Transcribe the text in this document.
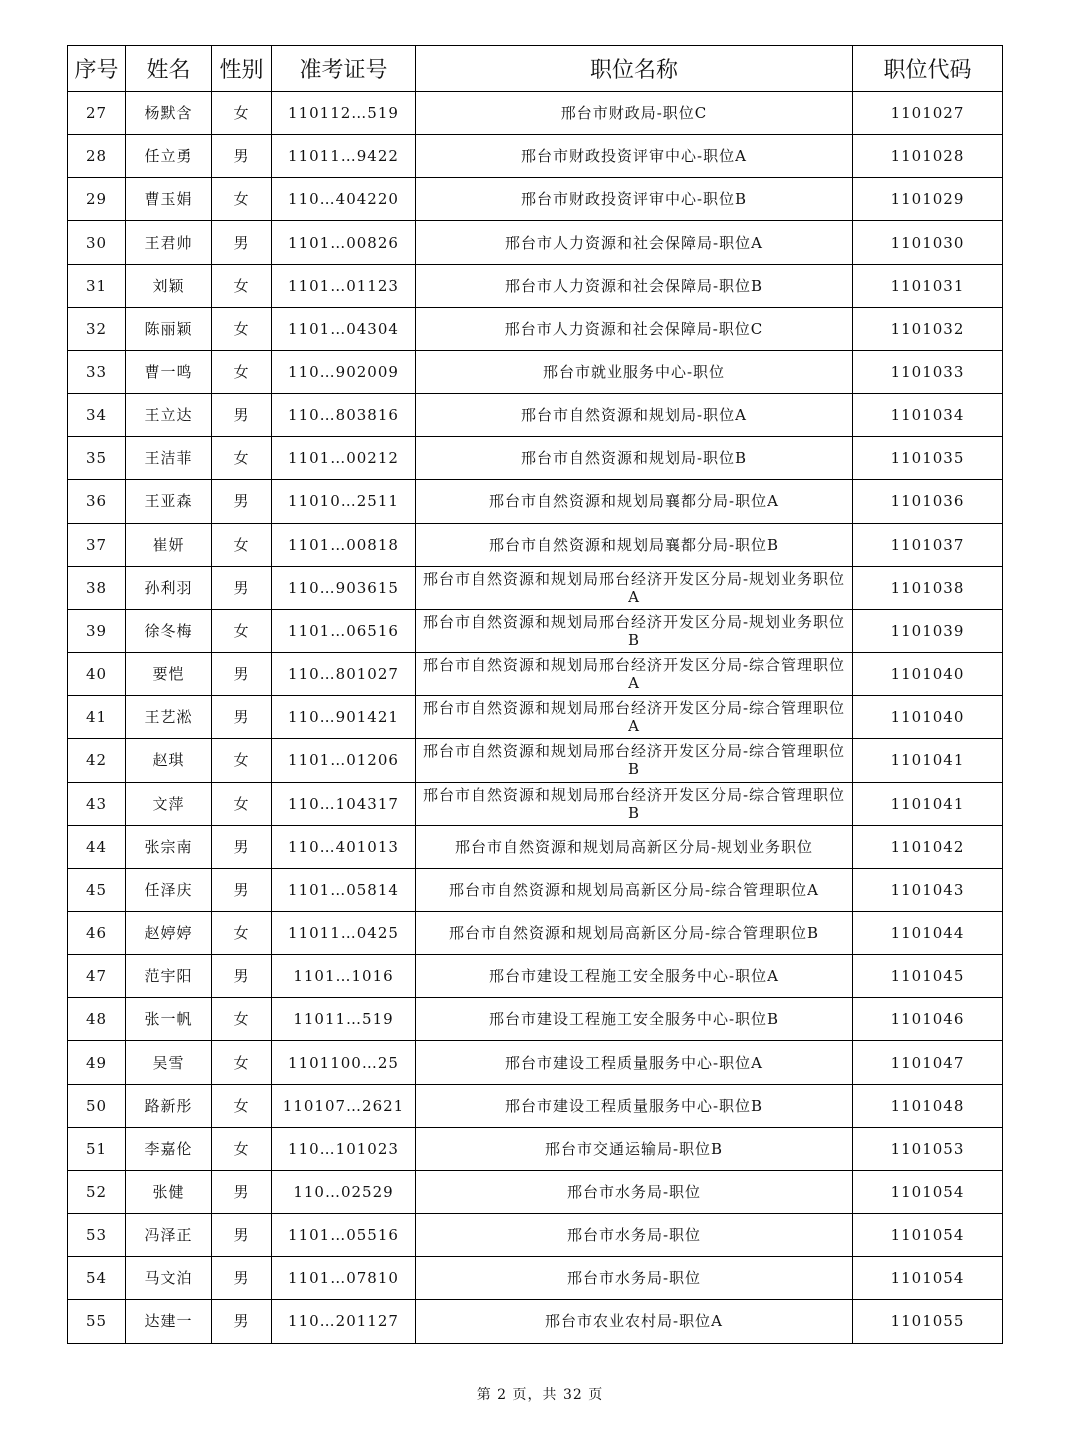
序号	姓名	性别	准考证号	职位名称	职位代码
27	杨默含	女	110112…519	邢台市财政局-职位C	1101027
28	任立勇	男	11011…9422	邢台市财政投资评审中心-职位A	1101028
29	曹玉娟	女	110…404220	邢台市财政投资评审中心-职位B	1101029
30	王君帅	男	1101…00826	邢台市人力资源和社会保障局-职位A	1101030
31	刘颖	女	1101…01123	邢台市人力资源和社会保障局-职位B	1101031
32	陈丽颖	女	1101…04304	邢台市人力资源和社会保障局-职位C	1101032
33	曹一鸣	女	110…902009	邢台市就业服务中心-职位	1101033
34	王立达	男	110…803816	邢台市自然资源和规划局-职位A	1101034
35	王洁菲	女	1101…00212	邢台市自然资源和规划局-职位B	1101035
36	王亚森	男	11010…2511	邢台市自然资源和规划局襄都分局-职位A	1101036
37	崔妍	女	1101…00818	邢台市自然资源和规划局襄都分局-职位B	1101037
38	孙利羽	男	110…903615	邢台市自然资源和规划局邢台经济开发区分局-规划业务职位A	1101038
39	徐冬梅	女	1101…06516	邢台市自然资源和规划局邢台经济开发区分局-规划业务职位B	1101039
40	要恺	男	110…801027	邢台市自然资源和规划局邢台经济开发区分局-综合管理职位A	1101040
41	王艺淞	男	110…901421	邢台市自然资源和规划局邢台经济开发区分局-综合管理职位A	1101040
42	赵琪	女	1101…01206	邢台市自然资源和规划局邢台经济开发区分局-综合管理职位B	1101041
43	文萍	女	110…104317	邢台市自然资源和规划局邢台经济开发区分局-综合管理职位B	1101041
44	张宗南	男	110…401013	邢台市自然资源和规划局高新区分局-规划业务职位	1101042
45	任泽庆	男	1101…05814	邢台市自然资源和规划局高新区分局-综合管理职位A	1101043
46	赵婷婷	女	11011…0425	邢台市自然资源和规划局高新区分局-综合管理职位B	1101044
47	范宇阳	男	1101…1016	邢台市建设工程施工安全服务中心-职位A	1101045
48	张一帆	女	11011…519	邢台市建设工程施工安全服务中心-职位B	1101046
49	吴雪	女	1101100…25	邢台市建设工程质量服务中心-职位A	1101047
50	路新彤	女	110107…2621	邢台市建设工程质量服务中心-职位B	1101048
51	李嘉伦	女	110…101023	邢台市交通运输局-职位B	1101053
52	张健	男	110…02529	邢台市水务局-职位	1101054
53	冯泽正	男	1101…05516	邢台市水务局-职位	1101054
54	马文泊	男	1101…07810	邢台市水务局-职位	1101054
55	达建一	男	110…201127	邢台市农业农村局-职位A	1101055
第 2 页，共 32 页
